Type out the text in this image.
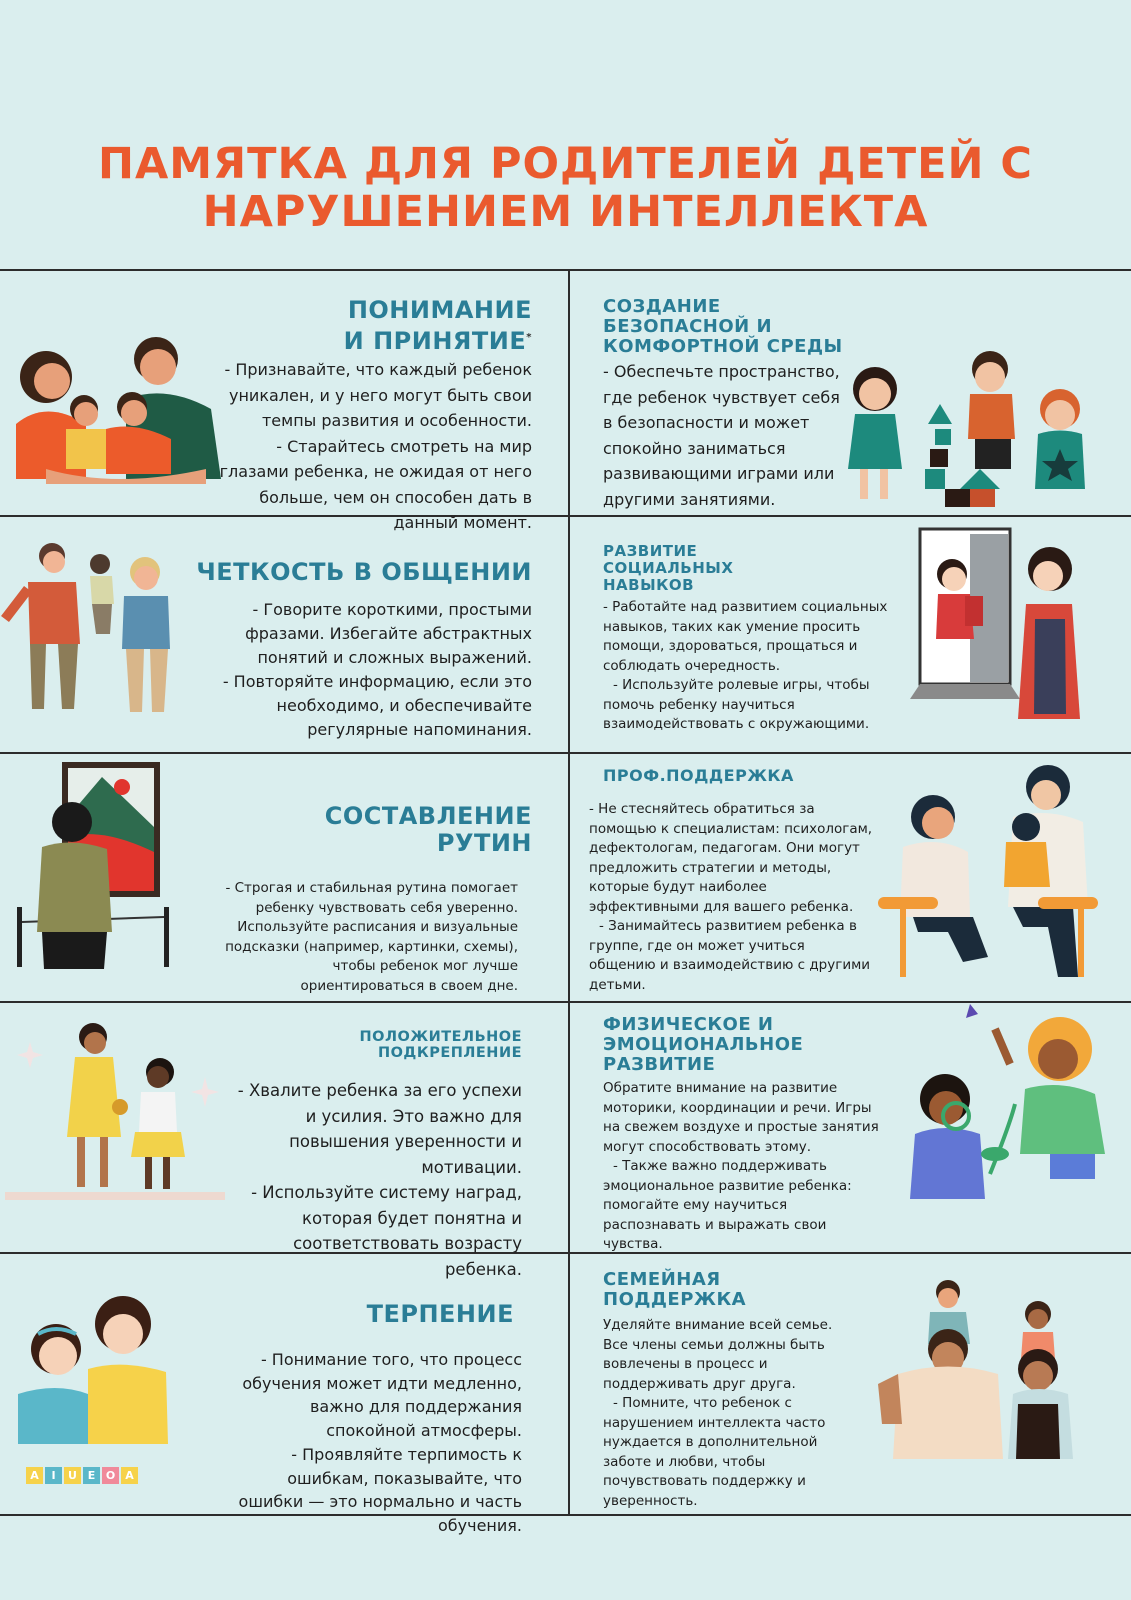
ПАМЯТКА ДЛЯ РОДИТЕЛЕЙ ДЕТЕЙ С
НАРУШЕНИЕМ ИНТЕЛЛЕКТА
ПОНИМАНИЕ
И ПРИНЯТИЕ*

- Признавайте, что каждый ребенок уникален, и у него могут быть свои темпы развития и особенности.

- Старайтесь смотреть на мир глазами ребенка, не ожидая от него больше, чем он способен дать в данный момент.

СОЗДАНИЕ
БЕЗОПАСНОЙ И
КОМФОРТНОЙ СРЕДЫ

- Обеспечьте пространство, где ребенок чувствует себя в безопасности и может спокойно заниматься развивающими играми или другими занятиями.

ЧЕТКОСТЬ В ОБЩЕНИИ

- Говорите короткими, простыми фразами. Избегайте абстрактных понятий и сложных выражений.

- Повторяйте информацию, если это необходимо, и обеспечивайте регулярные напоминания.

РАЗВИТИЕ
СОЦИАЛЬНЫХ
НАВЫКОВ

- Работайте над развитием социальных навыков, таких как умение просить помощи, здороваться, прощаться и соблюдать очередность.

- Используйте ролевые игры, чтобы помочь ребенку научиться взаимодействовать с окружающими.

СОСТАВЛЕНИЕ
РУТИН

- Строгая и стабильная рутина помогает ребенку чувствовать себя уверенно. Используйте расписания и визуальные подсказки (например, картинки, схемы), чтобы ребенок мог лучше ориентироваться в своем дне.

ПРОФ.ПОДДЕРЖКА

- Не стесняйтесь обратиться за помощью к специалистам: психологам, дефектологам, педагогам. Они могут предложить стратегии и методы, которые будут наиболее эффективными для вашего ребенка.

- Занимайтесь развитием ребенка в группе, где он может учиться общению и взаимодействию с другими детьми.

ПОЛОЖИТЕЛЬНОЕ
ПОДКРЕПЛЕНИЕ

- Хвалите ребенка за его успехи и усилия. Это важно для повышения уверенности и мотивации.

- Используйте систему наград, которая будет понятна и соответствовать возрасту ребенка.

ФИЗИЧЕСКОЕ И
ЭМОЦИОНАЛЬНОЕ
РАЗВИТИЕ

Обратите внимание на развитие моторики, координации и речи. Игры на свежем воздухе и простые занятия могут способствовать этому.

- Также важно поддерживать эмоциональное развитие ребенка: помогайте ему научиться распознавать и выражать свои чувства.

A	I	U E O A
ТЕРПЕНИЕ

- Понимание того, что процесс обучения может идти медленно, важно для поддержания спокойной атмосферы.

- Проявляйте терпимость к ошибкам, показывайте, что ошибки — это нормально и часть обучения.

СЕМЕЙНАЯ
ПОДДЕРЖКА

Уделяйте внимание всей семье. Все члены семьи должны быть вовлечены в процесс и поддерживать друг друга.

- Помните, что ребенок с нарушением интеллекта часто нуждается в дополнительной заботе и любви, чтобы почувствовать поддержку и уверенность.
